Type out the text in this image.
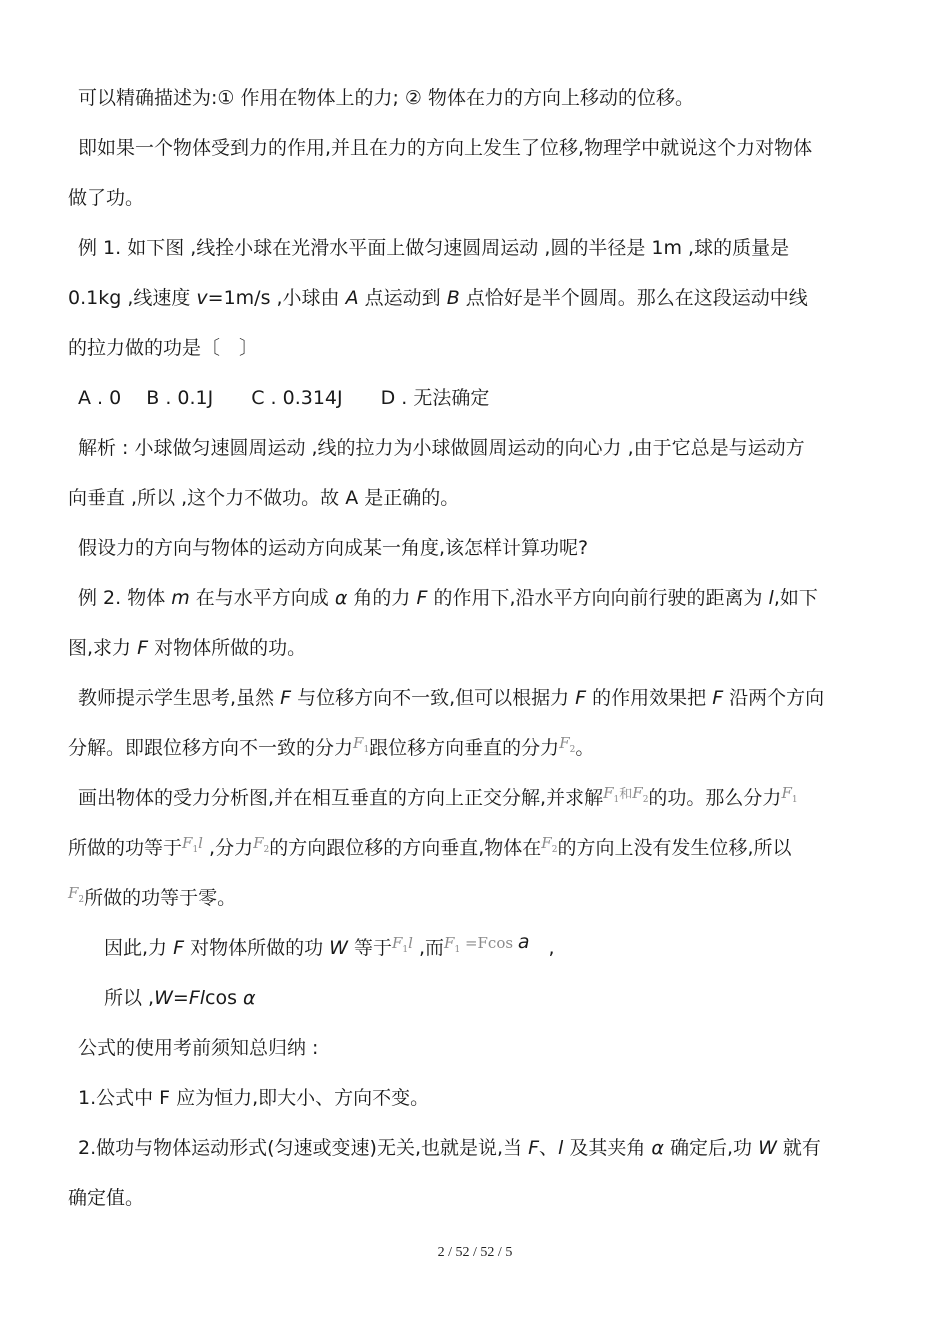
可以精确描述为:① 作用在物体上的力; ② 物体在力的方向上移动的位移。
即如果一个物体受到力的作用,并且在力的方向上发生了位移,物理学中就说这个力对物体
做了功。
例 1. 如下图 ,线拴小球在光滑水平面上做匀速圆周运动 ,圆的半径是 1m ,球的质量是
0.1kg ,线速度 v=1m/s ,小球由 A 点运动到 B 点恰好是半个圆周。那么在这段运动中线
的拉力做的功是〔　〕
A . 0　 B . 0.1J　　C . 0.314J　　D . 无法确定
解析 : 小球做匀速圆周运动 ,线的拉力为小球做圆周运动的向心力 ,由于它总是与运动方
向垂直 ,所以 ,这个力不做功。故 A 是正确的。
假设力的方向与物体的运动方向成某一角度,该怎样计算功呢?
例 2. 物体 m 在与水平方向成 α 角的力 F 的作用下,沿水平方向向前行驶的距离为 l,如下
图,求力 F 对物体所做的功。
教师提示学生思考,虽然 F 与位移方向不一致,但可以根据力 F 的作用效果把 F 沿两个方向
分解。即跟位移方向不一致的分力$^{F_1}$跟位移方向垂直的分力$^{F_2}$。
画出物体的受力分析图,并在相互垂直的方向上正交分解,并求解$^{F_1和F_2}$的功。那么分力$^{F_1}$
所做的功等于$^{F_1l}$ ,分力$^{F_2}$的方向跟位移的方向垂直,物体在$^{F_2}$的方向上没有发生位移,所以
$^{F_2}$所做的功等于零。
因此,力 F 对物体所做的功 W 等于$^{F_1l}$ ,而$^{F_1 =Fcos}$ a　,
所以 ,W=Flcos α
公式的使用考前须知总归纳 :
1.公式中 F 应为恒力,即大小、方向不变。
2.做功与物体运动形式(匀速或变速)无关,也就是说,当 F、l 及其夹角 α 确定后,功 W 就有
确定值。
2 / 52 / 52 / 5
